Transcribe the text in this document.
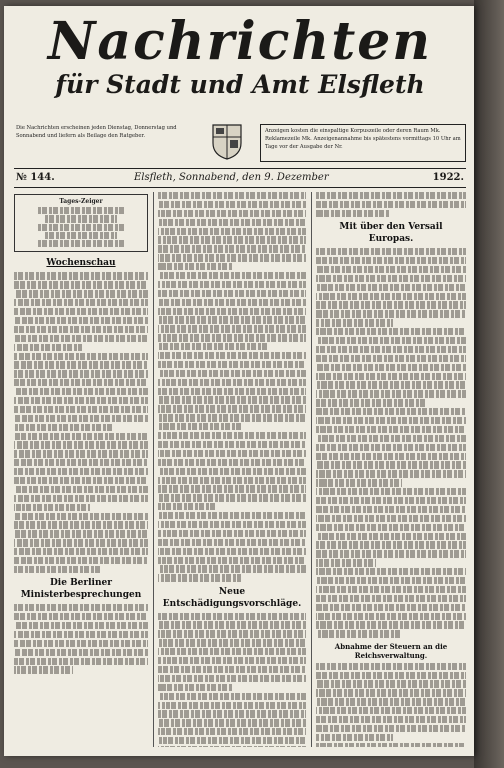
Nachrichten
für Stadt und Amt Elsfleth
Die Nachrichten erscheinen jeden Dienstag, Donnerstag und Sonnabend und liefern als Beilage den Ratgeber.
Anzeigen kosten die einspaltige Korpuszeile oder deren Raum Mk. Reklamezeile Mk. Anzeigenannahme bis spätestens vormittags 10 Uhr am Tage vor der Ausgabe der Nr.
№ 144.	Elsfleth, Sonnabend, den 9. Dezember	1922.
Tages-Zeiger
Wochenschau
Die Berliner Ministerbesprechungen	Neue Entschädigungsvorschläge.
Mit über den Versail Europas.
Abnahme der Steuern an die Reichsverwaltung.
